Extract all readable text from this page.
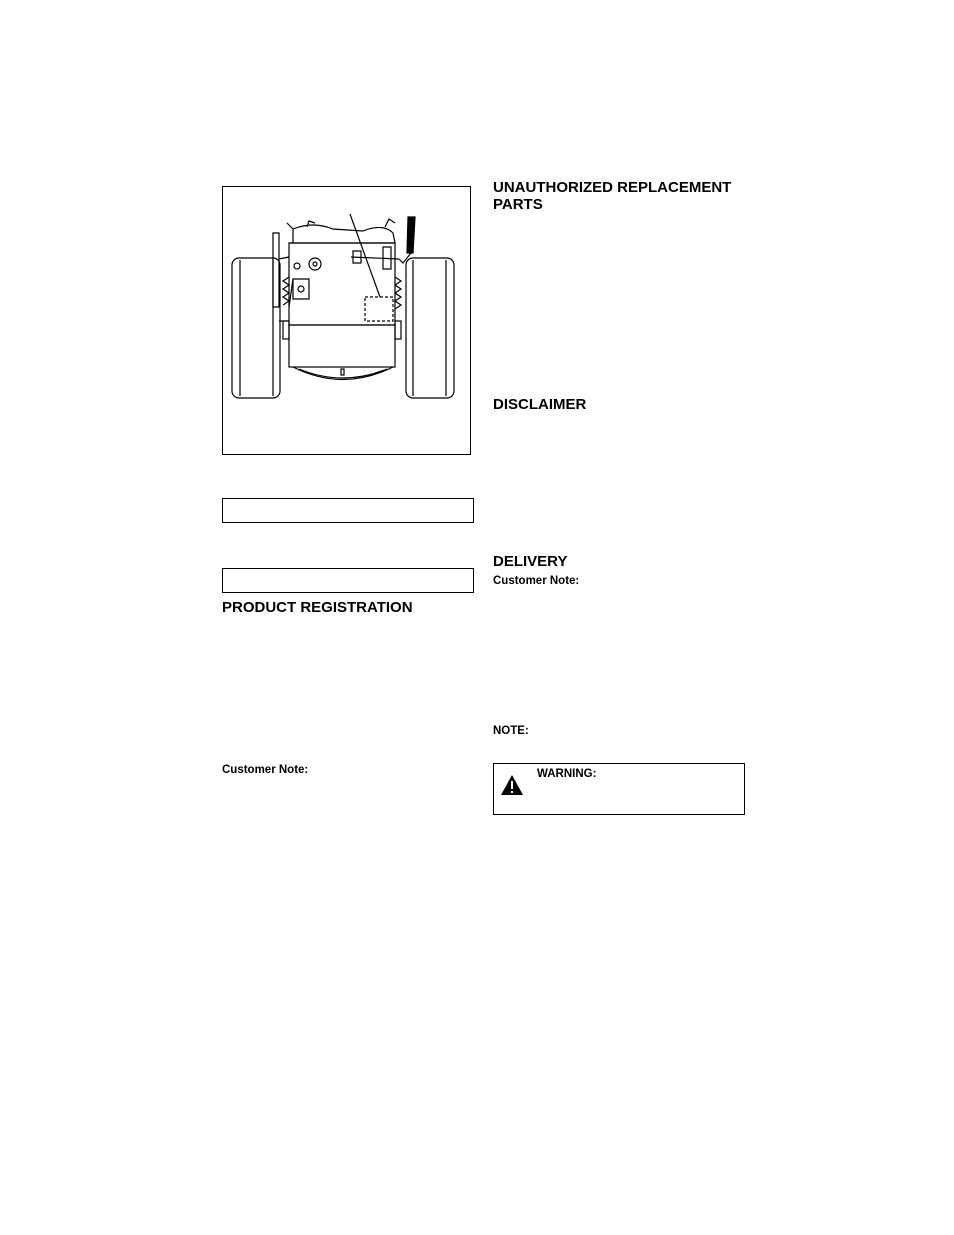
PRODUCT REGISTRATION

Customer Note:

UNAUTHORIZED REPLACEMENT PARTS
DISCLAIMER
DELIVERY

Customer Note:

NOTE:

WARNING:
